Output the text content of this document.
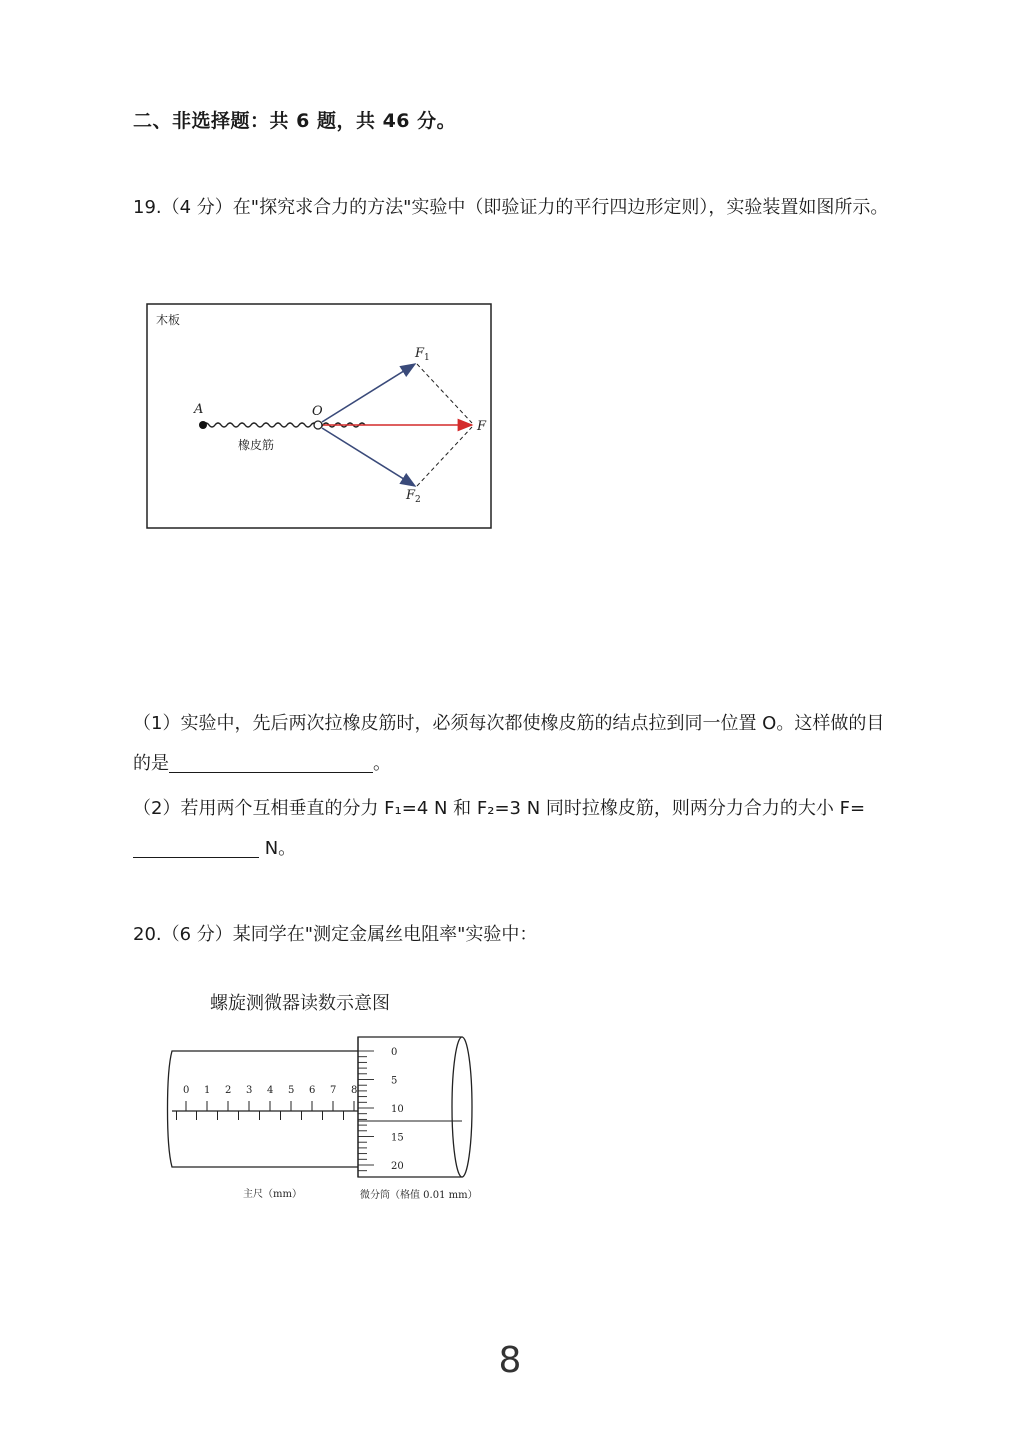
二、非选择题：共 6 题，共 46 分。
19.（4 分）在"探究求合力的方法"实验中（即验证力的平行四边形定则），实验装置如图所示。
木板
A	O
$F_1$
$F_2$
F
橡皮筋
（1）实验中，先后两次拉橡皮筋时，必须每次都使橡皮筋的结点拉到同一位置 O。这样做的目的是	。
（2）若用两个互相垂直的分力 F₁=4 N 和 F₂=3 N 同时拉橡皮筋，则两分力合力的大小 F= N。
20.（6 分）某同学在"测定金属丝电阻率"实验中：
螺旋测微器读数示意图
0 1 2 3 4 5 6 7 8
0
5
10
15
20
主尺（mm）	微分筒（格值 0.01 mm）
8
